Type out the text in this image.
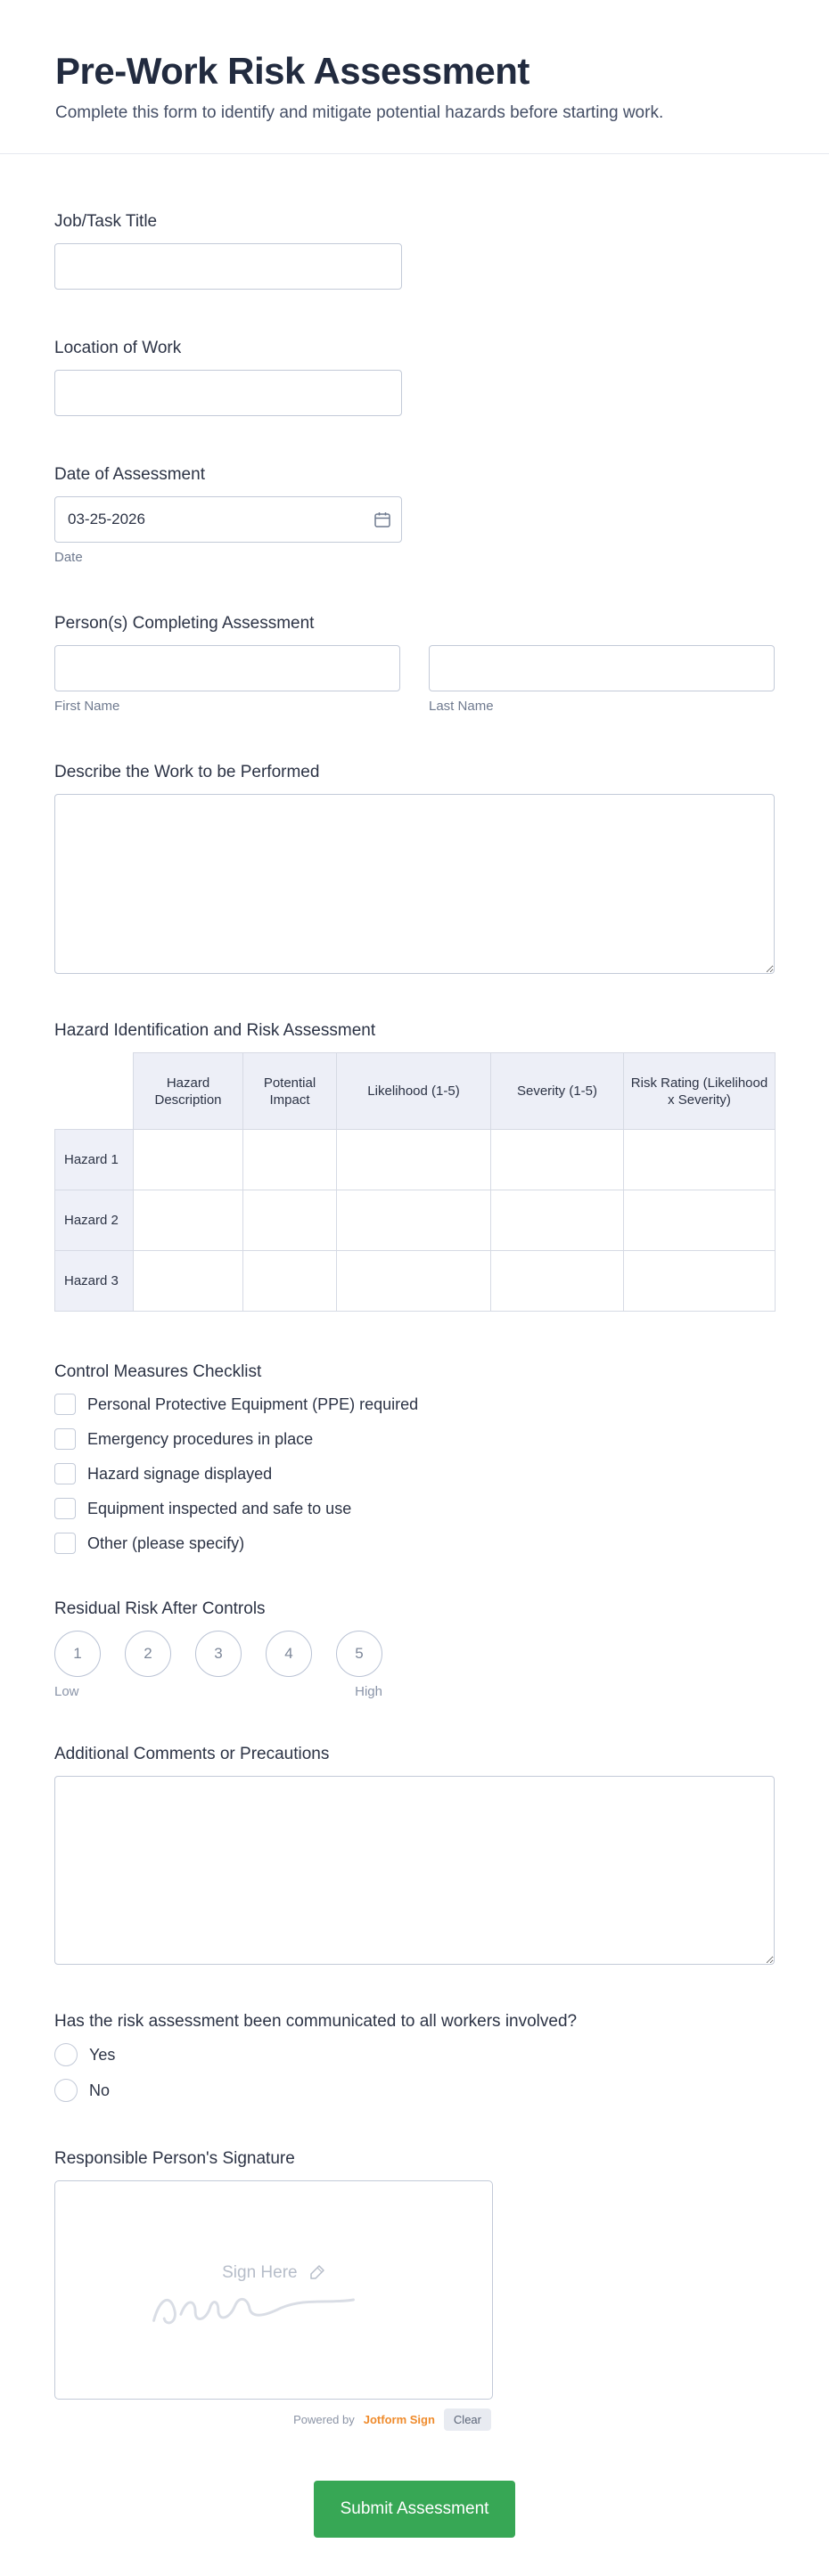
Pre-Work Risk Assessment

Complete this form to identify and mitigate potential hazards before starting work.

Job/Task Title
Location of Work
Date of Assessment
03-25-2026
Date
Person(s) Completing Assessment
First Name	Last Name
Describe the Work to be Performed
Hazard Identification and Risk Assessment
	Hazard Description	Potential Impact	Likelihood (1-5)	Severity (1-5)	Risk Rating (Likelihood x Severity)
Hazard 1					
Hazard 2					
Hazard 3					
Control Measures Checklist
Personal Protective Equipment (PPE) required
Emergency procedures in place
Hazard signage displayed
Equipment inspected and safe to use
Other (please specify)
Residual Risk After Controls
1	2	3	4	5
Low	High
Additional Comments or Precautions
Has the risk assessment been communicated to all workers involved?
Yes
No
Responsible Person's Signature
Sign Here
Powered by Jotform Sign	Clear
Submit Assessment
